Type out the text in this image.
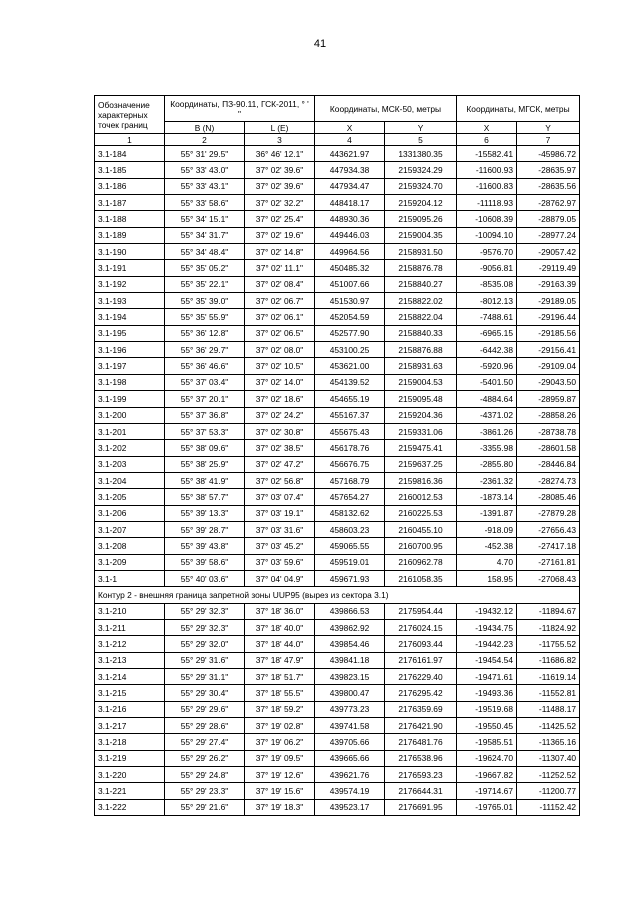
41
Обозначение характерных точек границ	Координаты, ПЗ-90.11, ГСК-2011, ° ' "		Координаты, МСК-50, метры		Координаты, МГСК, метры	
	B (N)	L (E)	X	Y	X	Y
1	2	3	4	5	6	7
3.1-184	55° 31' 29.5"	36° 46' 12.1"	443621.97	1331380.35	-15582.41	-45986.72
3.1-185	55° 33' 43.0"	37° 02' 39.6"	447934.38	2159324.29	-11600.93	-28635.97
3.1-186	55° 33' 43.1"	37° 02' 39.6"	447934.47	2159324.70	-11600.83	-28635.56
3.1-187	55° 33' 58.6"	37° 02' 32.2"	448418.17	2159204.12	-11118.93	-28762.97
3.1-188	55° 34' 15.1"	37° 02' 25.4"	448930.36	2159095.26	-10608.39	-28879.05
3.1-189	55° 34' 31.7"	37° 02' 19.6"	449446.03	2159004.35	-10094.10	-28977.24
3.1-190	55° 34' 48.4"	37° 02' 14.8"	449964.56	2158931.50	-9576.70	-29057.42
3.1-191	55° 35' 05.2"	37° 02' 11.1"	450485.32	2158876.78	-9056.81	-29119.49
3.1-192	55° 35' 22.1"	37° 02' 08.4"	451007.66	2158840.27	-8535.08	-29163.39
3.1-193	55° 35' 39.0"	37° 02' 06.7"	451530.97	2158822.02	-8012.13	-29189.05
3.1-194	55° 35' 55.9"	37° 02' 06.1"	452054.59	2158822.04	-7488.61	-29196.44
3.1-195	55° 36' 12.8"	37° 02' 06.5"	452577.90	2158840.33	-6965.15	-29185.56
3.1-196	55° 36' 29.7"	37° 02' 08.0"	453100.25	2158876.88	-6442.38	-29156.41
3.1-197	55° 36' 46.6"	37° 02' 10.5"	453621.00	2158931.63	-5920.96	-29109.04
3.1-198	55° 37' 03.4"	37° 02' 14.0"	454139.52	2159004.53	-5401.50	-29043.50
3.1-199	55° 37' 20.1"	37° 02' 18.6"	454655.19	2159095.48	-4884.64	-28959.87
3.1-200	55° 37' 36.8"	37° 02' 24.2"	455167.37	2159204.36	-4371.02	-28858.26
3.1-201	55° 37' 53.3"	37° 02' 30.8"	455675.43	2159331.06	-3861.26	-28738.78
3.1-202	55° 38' 09.6"	37° 02' 38.5"	456178.76	2159475.41	-3355.98	-28601.58
3.1-203	55° 38' 25.9"	37° 02' 47.2"	456676.75	2159637.25	-2855.80	-28446.84
3.1-204	55° 38' 41.9"	37° 02' 56.8"	457168.79	2159816.36	-2361.32	-28274.73
3.1-205	55° 38' 57.7"	37° 03' 07.4"	457654.27	2160012.53	-1873.14	-28085.46
3.1-206	55° 39' 13.3"	37° 03' 19.1"	458132.62	2160225.53	-1391.87	-27879.28
3.1-207	55° 39' 28.7"	37° 03' 31.6"	458603.23	2160455.10	-918.09	-27656.43
3.1-208	55° 39' 43.8"	37° 03' 45.2"	459065.55	2160700.95	-452.38	-27417.18
3.1-209	55° 39' 58.6"	37° 03' 59.6"	459519.01	2160962.78	4.70	-27161.81
3.1-1	55° 40' 03.6"	37° 04' 04.9"	459671.93	2161058.35	158.95	-27068.43
Контур 2 - внешняя граница запретной зоны UUP95 (вырез из сектора 3.1)						
3.1-210	55° 29' 32.3"	37° 18' 36.0"	439866.53	2175954.44	-19432.12	-11894.67
3.1-211	55° 29' 32.3"	37° 18' 40.0"	439862.92	2176024.15	-19434.75	-11824.92
3.1-212	55° 29' 32.0"	37° 18' 44.0"	439854.46	2176093.44	-19442.23	-11755.52
3.1-213	55° 29' 31.6"	37° 18' 47.9"	439841.18	2176161.97	-19454.54	-11686.82
3.1-214	55° 29' 31.1"	37° 18' 51.7"	439823.15	2176229.40	-19471.61	-11619.14
3.1-215	55° 29' 30.4"	37° 18' 55.5"	439800.47	2176295.42	-19493.36	-11552.81
3.1-216	55° 29' 29.6"	37° 18' 59.2"	439773.23	2176359.69	-19519.68	-11488.17
3.1-217	55° 29' 28.6"	37° 19' 02.8"	439741.58	2176421.90	-19550.45	-11425.52
3.1-218	55° 29' 27.4"	37° 19' 06.2"	439705.66	2176481.76	-19585.51	-11365.16
3.1-219	55° 29' 26.2"	37° 19' 09.5"	439665.66	2176538.96	-19624.70	-11307.40
3.1-220	55° 29' 24.8"	37° 19' 12.6"	439621.76	2176593.23	-19667.82	-11252.52
3.1-221	55° 29' 23.3"	37° 19' 15.6"	439574.19	2176644.31	-19714.67	-11200.77
3.1-222	55° 29' 21.6"	37° 19' 18.3"	439523.17	2176691.95	-19765.01	-11152.42
